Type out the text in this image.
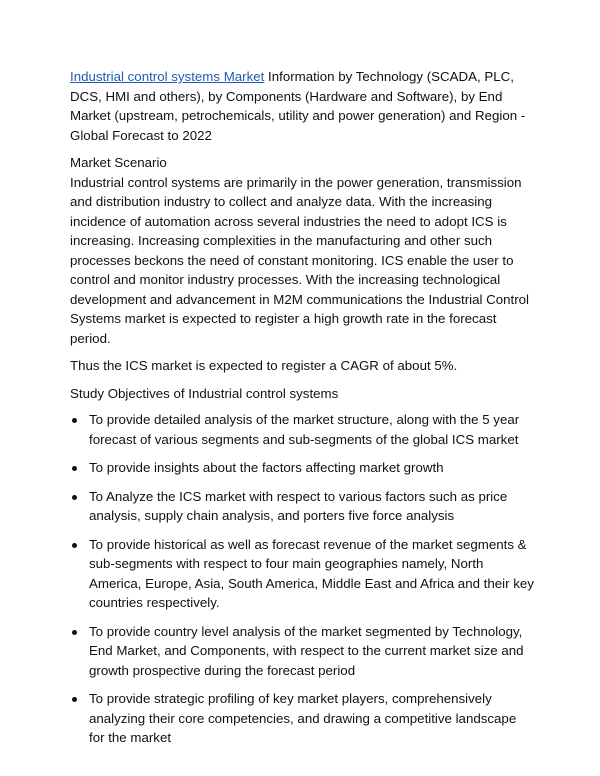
Industrial control systems Market Information by Technology (SCADA, PLC, DCS, HMI and others), by Components (Hardware and Software), by End Market (upstream, petrochemicals, utility and power generation) and Region - Global Forecast to 2022

Market Scenario

Industrial control systems are primarily in the power generation, transmission and distribution industry to collect and analyze data. With the increasing incidence of automation across several industries the need to adopt ICS is increasing. Increasing complexities in the manufacturing and other such processes beckons the need of constant monitoring. ICS enable the user to control and monitor industry processes. With the increasing technological development and advancement in M2M communications the Industrial Control Systems market is expected to register a high growth rate in the forecast period.

Thus the ICS market is expected to register a CAGR of about 5%.

Study Objectives of Industrial control systems

To provide detailed analysis of the market structure, along with the 5 year forecast of various segments and sub-segments of the global ICS market
To provide insights about the factors affecting market growth
To Analyze the ICS market with respect to various factors such as price analysis, supply chain analysis, and porters five force analysis
To provide historical as well as forecast revenue of the market segments & sub-segments with respect to four main geographies namely, North America, Europe, Asia, South America, Middle East and Africa and their key countries respectively.
To provide country level analysis of the market segmented by Technology, End Market, and Components, with respect to the current market size and growth prospective during the forecast period
To provide strategic profiling of key market players, comprehensively analyzing their core competencies, and drawing a competitive landscape for the market
